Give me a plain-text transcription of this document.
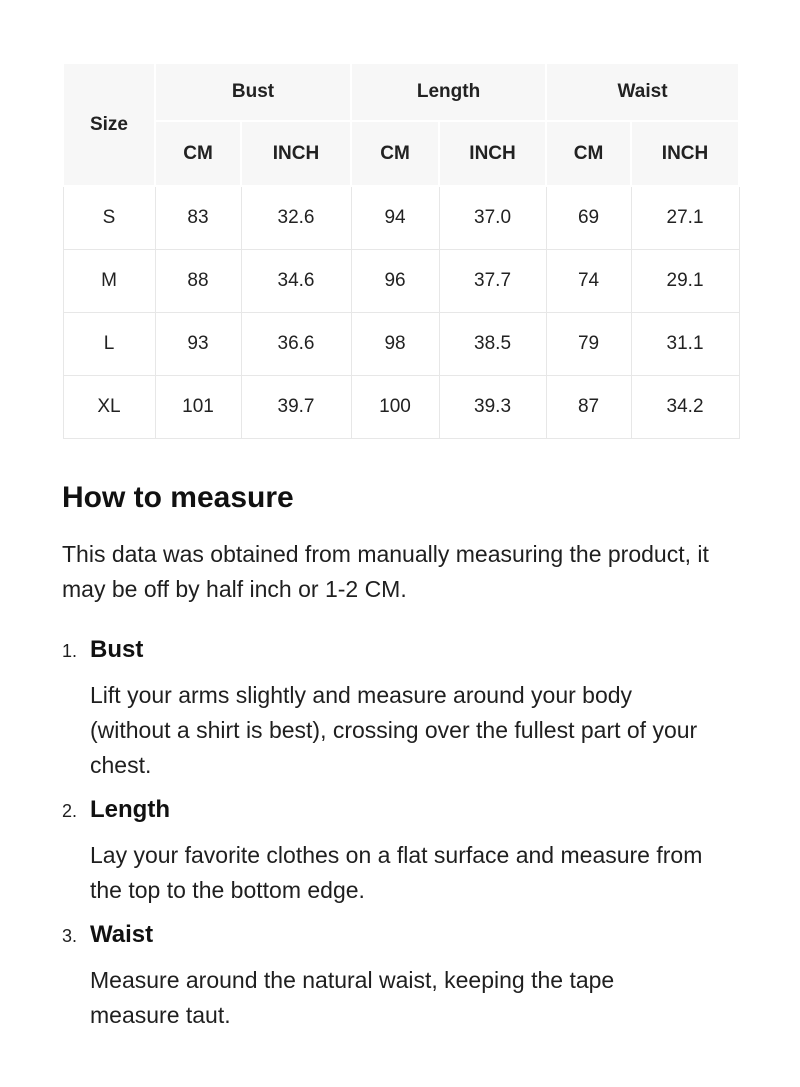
Size	Bust		Length		Waist	
	CM	INCH	CM	INCH	CM	INCH
S	83	32.6	94	37.0	69	27.1
M	88	34.6	96	37.7	74	29.1
L	93	36.6	98	38.5	79	31.1
XL	101	39.7	100	39.3	87	34.2
How to measure

This data was obtained from manually measuring the product, it may be off by half inch or 1-2 CM.

1. Bust
Lift your arms slightly and measure around your body (without a shirt is best), crossing over the fullest part of your chest.
2. Length
Lay your favorite clothes on a flat surface and measure from the top to the bottom edge.
3. Waist
Measure around the natural waist, keeping the tape measure taut.
